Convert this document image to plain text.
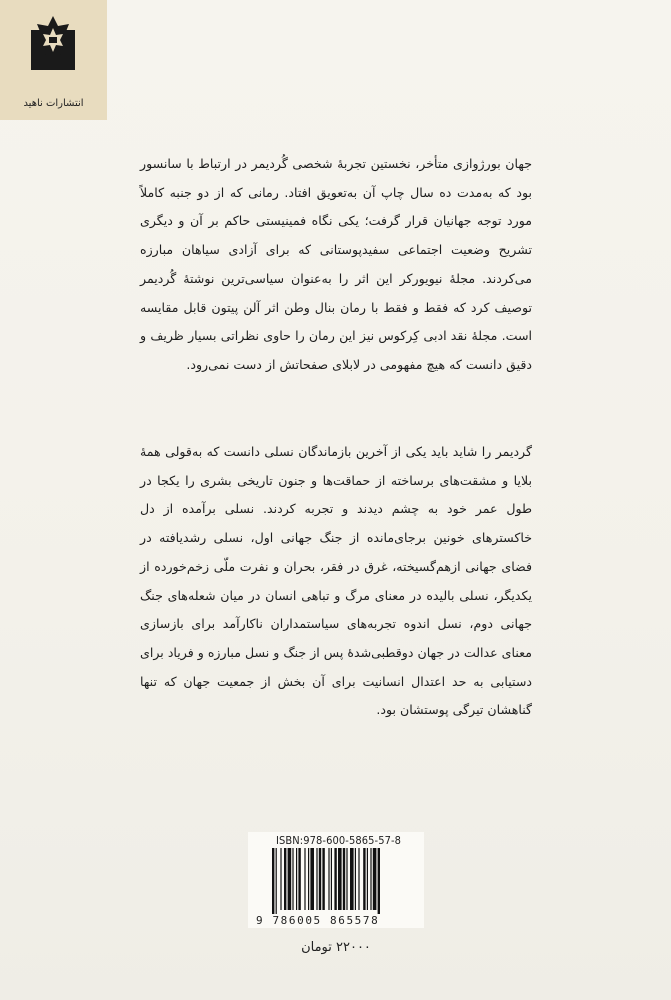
انتشارات ناهید
جهان بورژوازی متأخر، نخستین تجربهٔ شخصی گُردیمر در ارتباط با سانسور بود که به‌مدت ده سال چاپ آن به‌تعویق افتاد. رمانی که از دو جنبه کاملاً مورد توجه جهانیان قرار گرفت؛ یکی نگاه فمینیستی حاکم بر آن و دیگری تشریح وضعیت اجتماعی سفیدپوستانی که برای آزادی سیاهان مبارزه می‌کردند. مجلهٔ نیویورکر این اثر را به‌عنوان سیاسی‌ترین نوشتهٔ گُردیمر توصیف کرد که فقط و فقط با رمان بنال وطن اثر آلن پیتون قابل مقایسه است. مجلهٔ نقد ادبی کِرکوس نیز این رمان را حاوی نظراتی بسیار ظریف و دقیق دانست که هیچ مفهومی در لابلای صفحاتش از دست نمی‌رود.
گردیمر را شاید باید یکی از آخرین بازماندگان نسلی دانست که به‌قولی همهٔ بلایا و مشقت‌های برساخته از حماقت‌ها و جنون تاریخی بشری را یکجا در طول عمر خود به چشم دیدند و تجربه کردند. نسلی برآمده از دل خاکسترهای خونین برجای‌مانده از جنگ جهانی اول، نسلی رشدیافته در فضای جهانی ازهم‌گسیخته، غرق در فقر، بحران و نفرت ملّی زخم‌خورده از یکدیگر، نسلی بالیده در معنای مرگ و تباهی انسان در میان شعله‌های جنگ جهانی دوم، نسل اندوه تجربه‌های سیاستمداران ناکارآمد برای بازسازی معنای عدالت در جهان دوقطبی‌شدهٔ پس از جنگ و نسل مبارزه و فریاد برای دستیابی به حد اعتدال انسانیت برای آن بخش از جمعیت جهان که تنها گناهشان تیرگی پوستشان بود.
ISBN:978-600-5865-57-8
9 786005 865578
۲۲۰۰۰ تومان
